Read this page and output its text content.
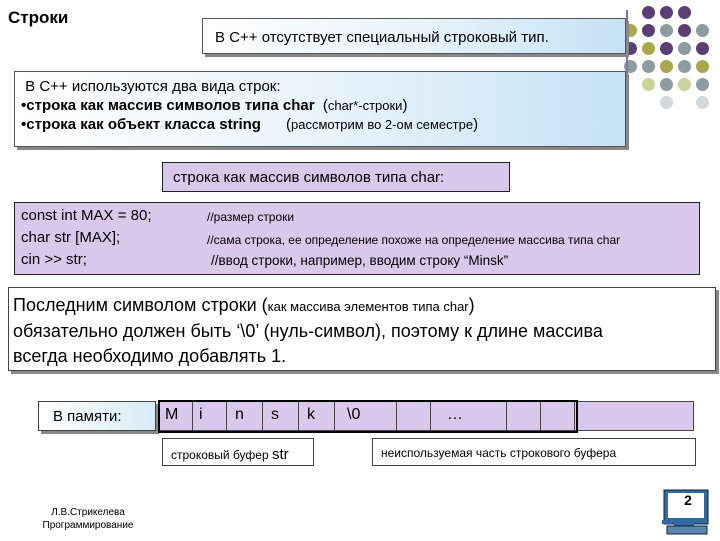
Строки
В С++ отсутствует специальный строковый тип.
В С++ используются два вида строк:
•строка как массив символов типа char (char*-строки)
•строка как объект класса string (рассмотрим во 2-ом семестре)
строка как массив символов типа char:
const int MAX = 80;	//размер строки
char str [MAX];	//сама строка, ее определение похоже на определение массива типа char
cin >> str;	//ввод строки, например, вводим строку “Minsk”
Последним символом строки (как массива элементов типа char)
обязательно должен быть ‘\0’ (нуль-символ), поэтому к длине массива
всегда необходимо добавлять 1.
В памяти:	M	i	n	s	k	\0	…
строковый буфер str	неиспользуемая часть строкового буфера
Л.В.Стрикелева
Программирование
2
